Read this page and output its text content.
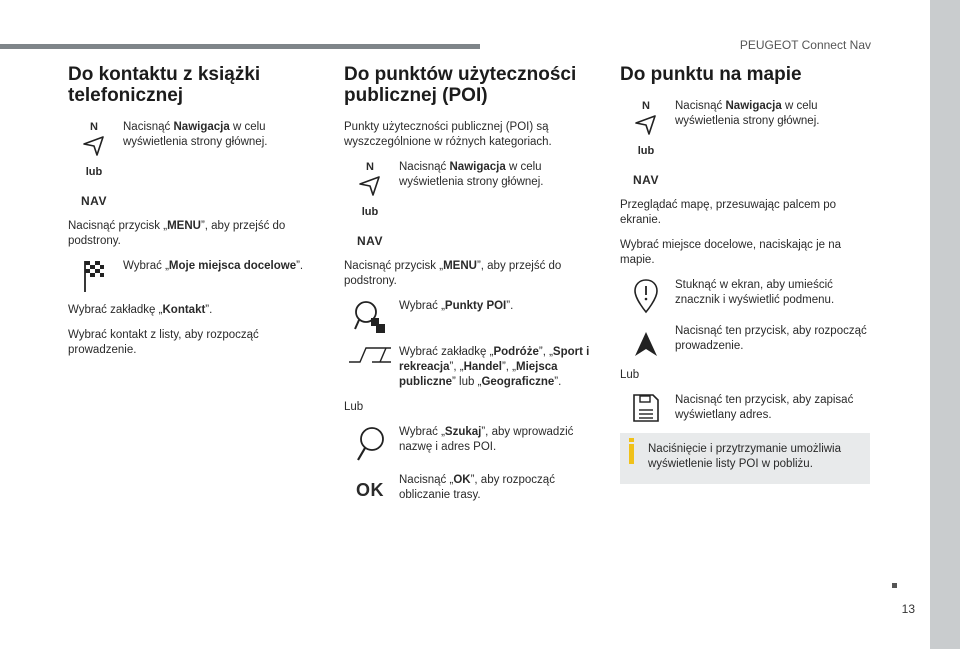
PEUGEOT Connect Nav
13
Do kontaktu z książki telefonicznej
N
lub
NAV
Nacisnąć Nawigacja w celu wyświetlenia strony głównej.

Nacisnąć przycisk „MENU”, aby przejść do podstrony.

Wybrać „Moje miejsca docelowe”.

Wybrać zakładkę „Kontakt”.

Wybrać kontakt z listy, aby rozpocząć prowadzenie.

Do punktów użyteczności publicznej (POI)

Punkty użyteczności publicznej (POI) są wyszczególnione w różnych kategoriach.

N
lub
NAV
Nacisnąć Nawigacja w celu wyświetlenia strony głównej.

Nacisnąć przycisk „MENU”, aby przejść do podstrony.

Wybrać „Punkty POI”.
Wybrać zakładkę „Podróże”, „Sport i rekreacja”, „Handel”, „Miejsca publiczne” lub „Geograficzne”.

Lub

Wybrać „Szukaj”, aby wprowadzić nazwę i adres POI.
OK Nacisnąć „OK”, aby rozpocząć obliczanie trasy.
Do punktu na mapie
N
lub
NAV
Nacisnąć Nawigacja w celu wyświetlenia strony głównej.

Przeglądać mapę, przesuwając palcem po ekranie.

Wybrać miejsce docelowe, naciskając je na mapie.

Stuknąć w ekran, aby umieścić znacznik i wyświetlić podmenu.
Nacisnąć ten przycisk, aby rozpocząć prowadzenie.

Lub

Nacisnąć ten przycisk, aby zapisać wyświetlany adres.
Naciśnięcie i przytrzymanie umożliwia wyświetlenie listy POI w pobliżu.
